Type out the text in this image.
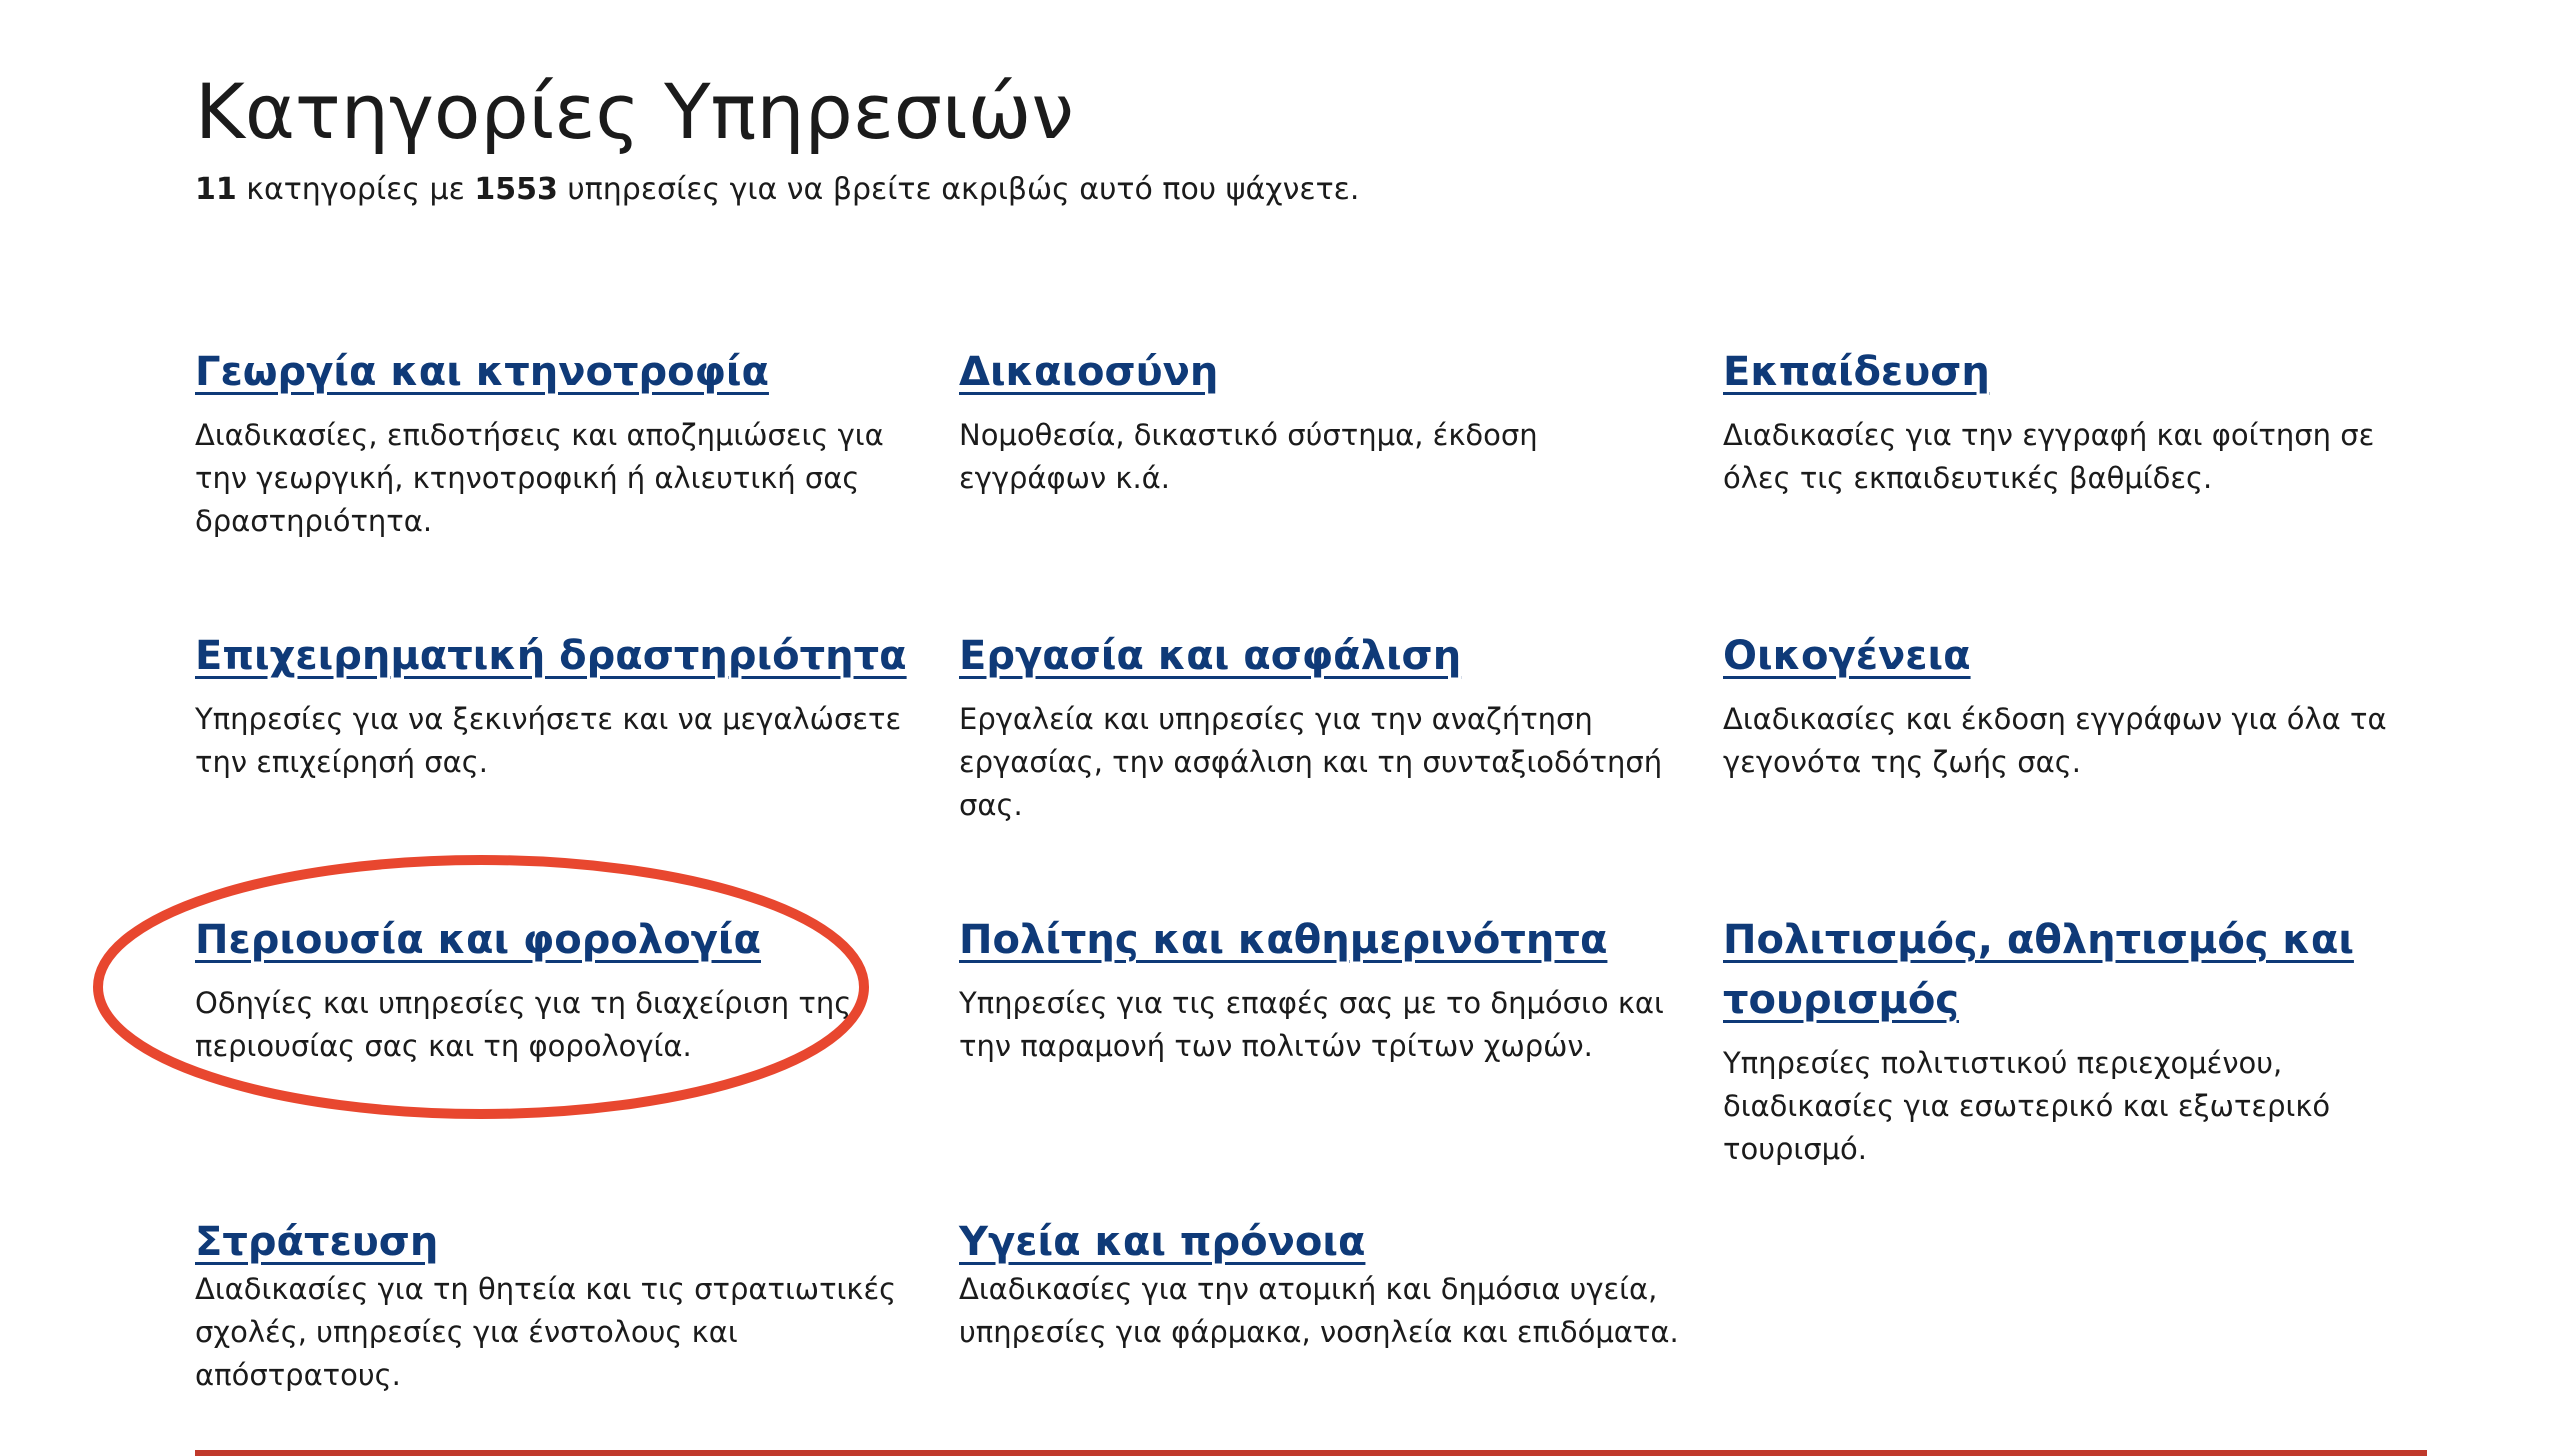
Κατηγορίες Υπηρεσιών

11 κατηγορίες με 1553 υπηρεσίες για να βρείτε ακριβώς αυτό που ψάχνετε.

Γεωργία και κτηνοτροφία

Διαδικασίες, επιδοτήσεις και αποζημιώσεις για την γεωργική, κτηνοτροφική ή αλιευτική σας δραστηριότητα.

Δικαιοσύνη

Νομοθεσία, δικαστικό σύστημα, έκδοση εγγράφων κ.ά.

Εκπαίδευση

Διαδικασίες για την εγγραφή και φοίτηση σε όλες τις εκπαιδευτικές βαθμίδες.

Επιχειρηματική δραστηριότητα

Υπηρεσίες για να ξεκινήσετε και να μεγαλώσετε την επιχείρησή σας.

Εργασία και ασφάλιση

Εργαλεία και υπηρεσίες για την αναζήτηση εργασίας, την ασφάλιση και τη συνταξιοδότησή σας.

Οικογένεια

Διαδικασίες και έκδοση εγγράφων για όλα τα γεγονότα της ζωής σας.

Περιουσία και φορολογία

Οδηγίες και υπηρεσίες για τη διαχείριση της περιουσίας σας και τη φορολογία.

Πολίτης και καθημερινότητα

Υπηρεσίες για τις επαφές σας με το δημόσιο και την παραμονή των πολιτών τρίτων χωρών.

Πολιτισμός, αθλητισμός και τουρισμός

Υπηρεσίες πολιτιστικού περιεχομένου, διαδικασίες για εσωτερικό και εξωτερικό τουρισμό.

Στράτευση

Διαδικασίες για τη θητεία και τις στρατιωτικές σχολές, υπηρεσίες για ένστολους και απόστρατους.

Υγεία και πρόνοια

Διαδικασίες για την ατομική και δημόσια υγεία, υπηρεσίες για φάρμακα, νοσηλεία και επιδόματα.
